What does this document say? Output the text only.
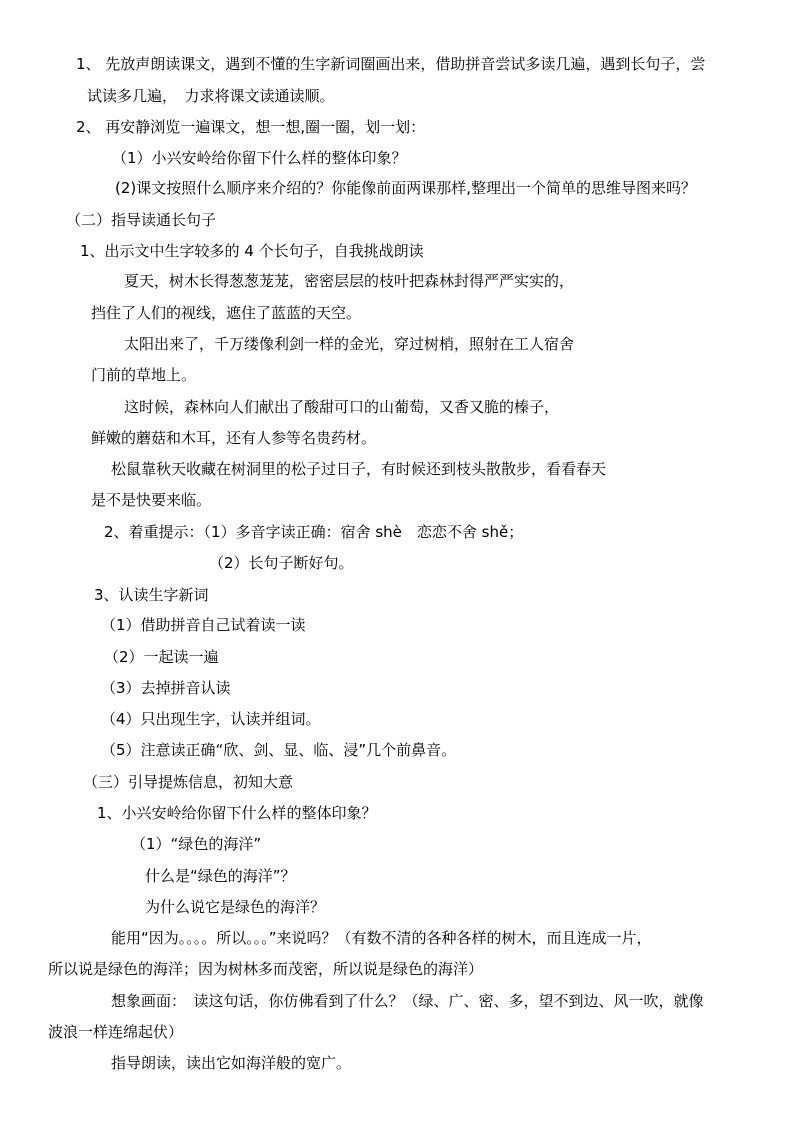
1、 先放声朗读课文，遇到不懂的生字新词圈画出来，借助拼音尝试多读几遍，遇到长句子，尝
试读多几遍，　力求将课文读通读顺。
2、 再安静浏览一遍课文，想一想,圈一圈，划一划：
（1）小兴安岭给你留下什么样的整体印象？
(2)课文按照什么顺序来介绍的？你能像前面两课那样,整理出一个简单的思维导图来吗？
（二）指导读通长句子
1、出示文中生字较多的 4 个长句子，自我挑战朗读
夏天，树木长得葱葱茏茏，密密层层的枝叶把森林封得严严实实的，
挡住了人们的视线，遮住了蓝蓝的天空。
太阳出来了，千万缕像利剑一样的金光，穿过树梢，照射在工人宿舍
门前的草地上。
这时候，森林向人们献出了酸甜可口的山葡萄，又香又脆的榛子，
鲜嫩的蘑菇和木耳，还有人参等名贵药材。
松鼠靠秋天收藏在树洞里的松子过日子，有时候还到枝头散散步，看看春天
是不是快要来临。
2、着重提示：（1）多音字读正确：宿舍 shè　恋恋不舍 shě；
（2）长句子断好句。
3、认读生字新词
（1）借助拼音自己试着读一读
（2）一起读一遍
（3）去掉拼音认读
（4）只出现生字，认读并组词。
（5）注意读正确“欣、剑、显、临、浸”几个前鼻音。
（三）引导提炼信息，初知大意
1、小兴安岭给你留下什么样的整体印象？
（1）“绿色的海洋”
什么是“绿色的海洋”？
为什么说它是绿色的海洋？
能用“因为。。。。所以。。。”来说吗？（有数不清的各种各样的树木，而且连成一片，
所以说是绿色的海洋；因为树林多而茂密，所以说是绿色的海洋）
想象画面：　读这句话，你仿佛看到了什么？（绿、广、密、多，望不到边、风一吹，就像
波浪一样连绵起伏）
指导朗读，读出它如海洋般的宽广。
